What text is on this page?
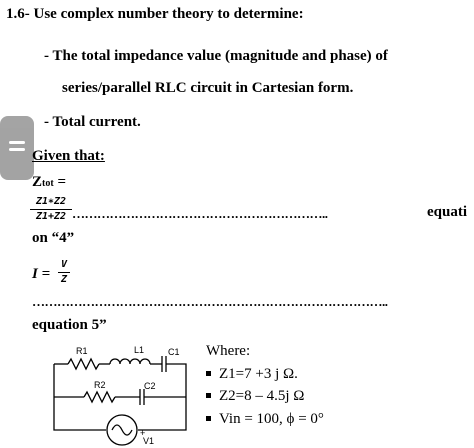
1.6- Use complex number theory to determine:
- The total impedance value (magnitude and phase) of
series/parallel RLC circuit in Cartesian form.
- Total current.
Given that:
Ztot =
Z1∗Z2
Z1+Z2 ……………………………………………………..	equati
on “4”
I =
V
Z
…………………………………………………………………………..
equation 5”
R1	L1	C1
R2	C2
+
V1
Where:
Z1=7 +3 j Ω.
Z2=8 – 4.5j Ω
Vin = 100, ϕ = 0°
